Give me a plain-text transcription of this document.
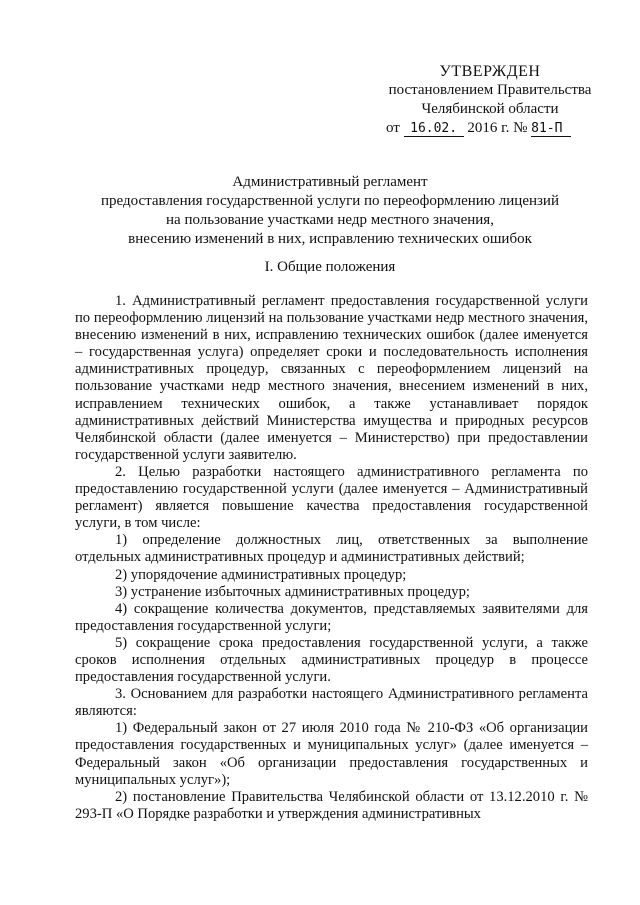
УТВЕРЖДЕН
постановлением Правительства
Челябинской области
от 16.02. 2016 г. № 81-П
Административный регламент
предоставления государственной услуги по переоформлению лицензий
на пользование участками недр местного значения,
внесению изменений в них, исправлению технических ошибок
I. Общие положения

1. Административный регламент предоставления государственной услуги по переоформлению лицензий на пользование участками недр местного значения, внесению изменений в них, исправлению технических ошибок (далее именуется – государственная услуга) определяет сроки и последовательность исполнения административных процедур, связанных с переоформлением лицензий на пользование участками недр местного значения, внесением изменений в них, исправлением технических ошибок, а также устанавливает порядок административных действий Министерства имущества и природных ресурсов Челябинской области (далее именуется – Министерство) при предоставлении государственной услуги заявителю.

2. Целью разработки настоящего административного регламента по предоставлению государственной услуги (далее именуется – Административный регламент) является повышение качества предоставления государственной услуги, в том числе:

1) определение должностных лиц, ответственных за выполнение отдельных административных процедур и административных действий;

2) упорядочение административных процедур;

3) устранение избыточных административных процедур;

4) сокращение количества документов, представляемых заявителями для предоставления государственной услуги;

5) сокращение срока предоставления государственной услуги, а также сроков исполнения отдельных административных процедур в процессе предоставления государственной услуги.

3. Основанием для разработки настоящего Административного регламента являются:

1) Федеральный закон от 27 июля 2010 года № 210-ФЗ «Об организации предоставления государственных и муниципальных услуг» (далее именуется – Федеральный закон «Об организации предоставления государственных и муниципальных услуг»);

2) постановление Правительства Челябинской области от 13.12.2010 г. № 293-П «О Порядке разработки и утверждения административных
